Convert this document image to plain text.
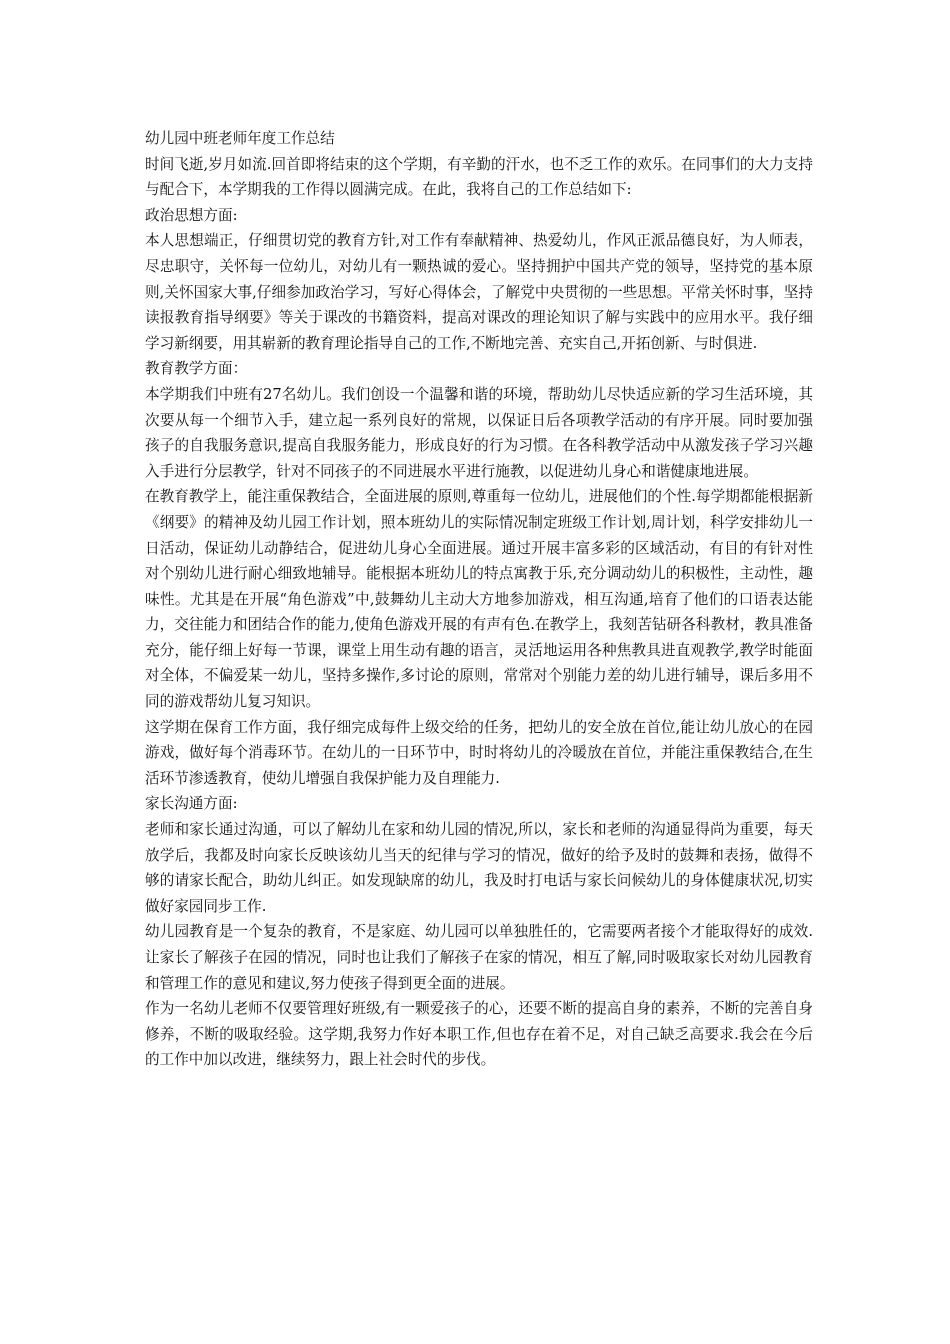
幼儿园中班老师年度工作总结

时间飞逝,岁月如流.回首即将结束的这个学期，有辛勤的汗水，也不乏工作的欢乐。在同事们的大力支持与配合下，本学期我的工作得以圆满完成。在此，我将自己的工作总结如下:

政治思想方面:

本人思想端正，仔细贯切党的教育方针,对工作有奉献精神、热爱幼儿，作风正派品德良好，为人师表，尽忠职守，关怀每一位幼儿，对幼儿有一颗热诚的爱心。坚持拥护中国共产党的领导，坚持党的基本原则,关怀国家大事,仔细参加政治学习，写好心得体会，了解党中央贯彻的一些思想。平常关怀时事，坚持读报教育指导纲要》等关于课改的书籍资料，提高对课改的理论知识了解与实践中的应用水平。我仔细学习新纲要，用其崭新的教育理论指导自己的工作,不断地完善、充实自己,开拓创新、与时俱进.

教育教学方面：

本学期我们中班有27名幼儿。我们创设一个温馨和谐的环境，帮助幼儿尽快适应新的学习生活环境，其次要从每一个细节入手，建立起一系列良好的常规，以保证日后各项教学活动的有序开展。同时要加强孩子的自我服务意识,提高自我服务能力，形成良好的行为习惯。在各科教学活动中从激发孩子学习兴趣入手进行分层教学，针对不同孩子的不同进展水平进行施教，以促进幼儿身心和谐健康地进展。

在教育教学上，能注重保教结合，全面进展的原则,尊重每一位幼儿，进展他们的个性.每学期都能根据新《纲要》的精神及幼儿园工作计划，照本班幼儿的实际情况制定班级工作计划,周计划，科学安排幼儿一日活动，保证幼儿动静结合，促进幼儿身心全面进展。通过开展丰富多彩的区域活动，有目的有针对性对个别幼儿进行耐心细致地辅导。能根据本班幼儿的特点寓教于乐,充分调动幼儿的积极性，主动性，趣味性。尤其是在开展“角色游戏”中,鼓舞幼儿主动大方地参加游戏，相互沟通,培育了他们的口语表达能力，交往能力和团结合作的能力,使角色游戏开展的有声有色.在教学上，我刻苦钻研各科教材，教具准备充分，能仔细上好每一节课，课堂上用生动有趣的语言，灵活地运用各种焦教具进直观教学,教学时能面对全体，不偏爱某一幼儿，坚持多操作,多讨论的原则，常常对个别能力差的幼儿进行辅导，课后多用不同的游戏帮幼儿复习知识。

这学期在保育工作方面，我仔细完成每件上级交给的任务，把幼儿的安全放在首位,能让幼儿放心的在园游戏，做好每个消毒环节。在幼儿的一日环节中，时时将幼儿的冷暖放在首位，并能注重保教结合,在生活环节渗透教育，使幼儿增强自我保护能力及自理能力.

家长沟通方面:

老师和家长通过沟通，可以了解幼儿在家和幼儿园的情况,所以，家长和老师的沟通显得尚为重要，每天放学后，我都及时向家长反映该幼儿当天的纪律与学习的情况，做好的给予及时的鼓舞和表扬，做得不够的请家长配合，助幼儿纠正。如发现缺席的幼儿，我及时打电话与家长问候幼儿的身体健康状况,切实做好家园同步工作.

幼儿园教育是一个复杂的教育，不是家庭、幼儿园可以单独胜任的，它需要两者接个才能取得好的成效.让家长了解孩子在园的情况，同时也让我们了解孩子在家的情况，相互了解,同时吸取家长对幼儿园教育和管理工作的意见和建议,努力使孩子得到更全面的进展。

作为一名幼儿老师不仅要管理好班级,有一颗爱孩子的心，还要不断的提高自身的素养，不断的完善自身修养，不断的吸取经验。这学期,我努力作好本职工作,但也存在着不足，对自己缺乏高要求.我会在今后的工作中加以改进，继续努力，跟上社会时代的步伐。
